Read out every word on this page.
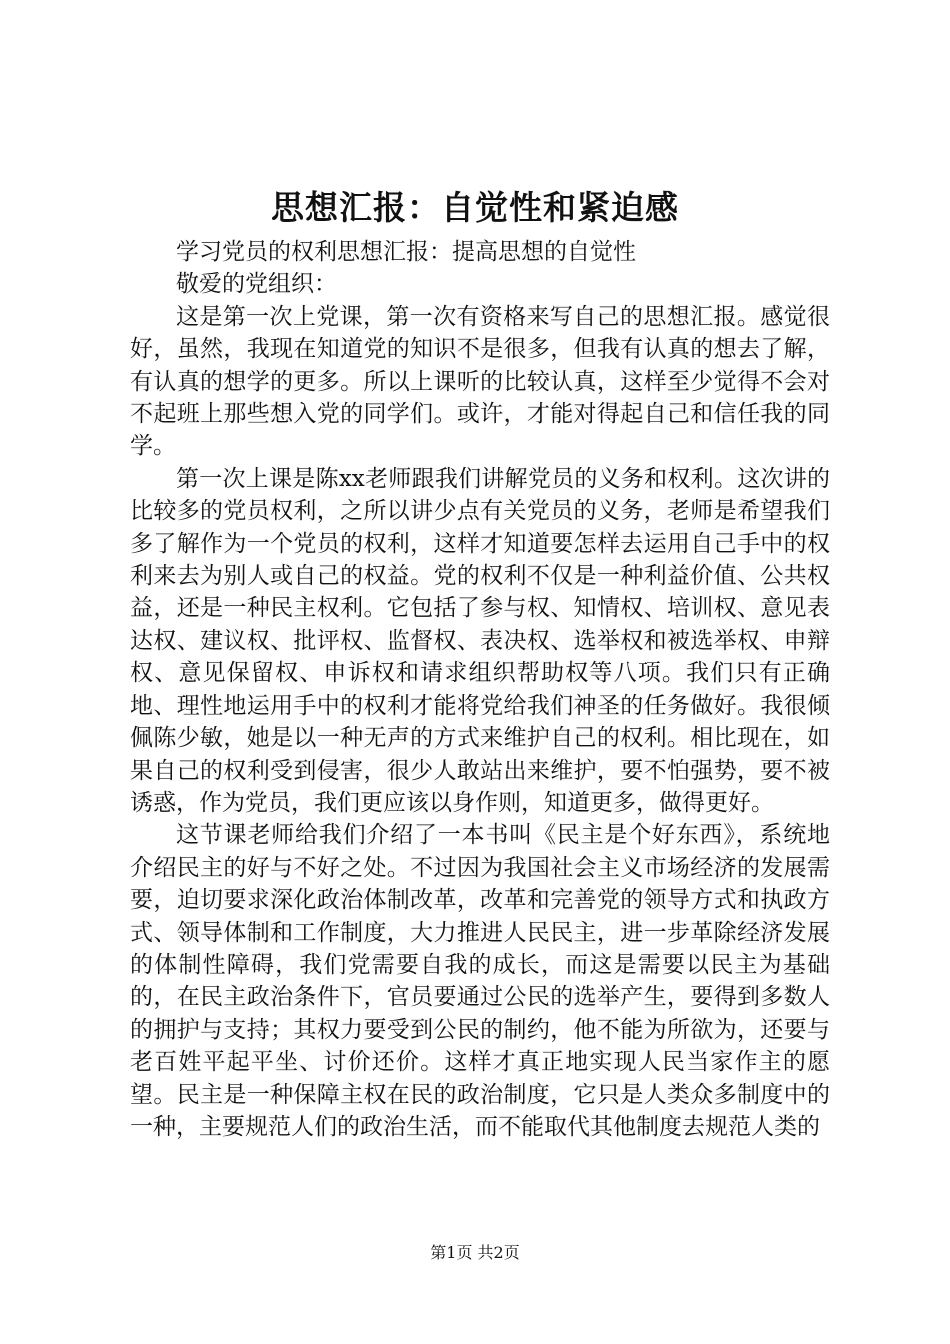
思想汇报：自觉性和紧迫感

学习党员的权利思想汇报：提高思想的自觉性

敬爱的党组织：

这是第一次上党课，第一次有资格来写自己的思想汇报。感觉很好，虽然，我现在知道党的知识不是很多，但我有认真的想去了解，有认真的想学的更多。所以上课听的比较认真，这样至少觉得不会对不起班上那些想入党的同学们。或许，才能对得起自己和信任我的同学。

第一次上课是陈xx老师跟我们讲解党员的义务和权利。这次讲的比较多的党员权利，之所以讲少点有关党员的义务，老师是希望我们多了解作为一个党员的权利，这样才知道要怎样去运用自己手中的权利来去为别人或自己的权益。党的权利不仅是一种利益价值、公共权益，还是一种民主权利。它包括了参与权、知情权、培训权、意见表达权、建议权、批评权、监督权、表决权、选举权和被选举权、申辩权、意见保留权、申诉权和请求组织帮助权等八项。我们只有正确地、理性地运用手中的权利才能将党给我们神圣的任务做好。我很倾佩陈少敏，她是以一种无声的方式来维护自己的权利。相比现在，如果自己的权利受到侵害，很少人敢站出来维护，要不怕强势，要不被诱惑，作为党员，我们更应该以身作则，知道更多，做得更好。

这节课老师给我们介绍了一本书叫《民主是个好东西》，系统地介绍民主的好与不好之处。不过因为我国社会主义市场经济的发展需要，迫切要求深化政治体制改革，改革和完善党的领导方式和执政方式、领导体制和工作制度，大力推进人民民主，进一步革除经济发展的体制性障碍，我们党需要自我的成长，而这是需要以民主为基础的，在民主政治条件下，官员要通过公民的选举产生，要得到多数人的拥护与支持；其权力要受到公民的制约，他不能为所欲为，还要与老百姓平起平坐、讨价还价。这样才真正地实现人民当家作主的愿望。民主是一种保障主权在民的政治制度，它只是人类众多制度中的一种，主要规范人们的政治生活，而不能取代其他制度去规范人类的

第1页 共2页
